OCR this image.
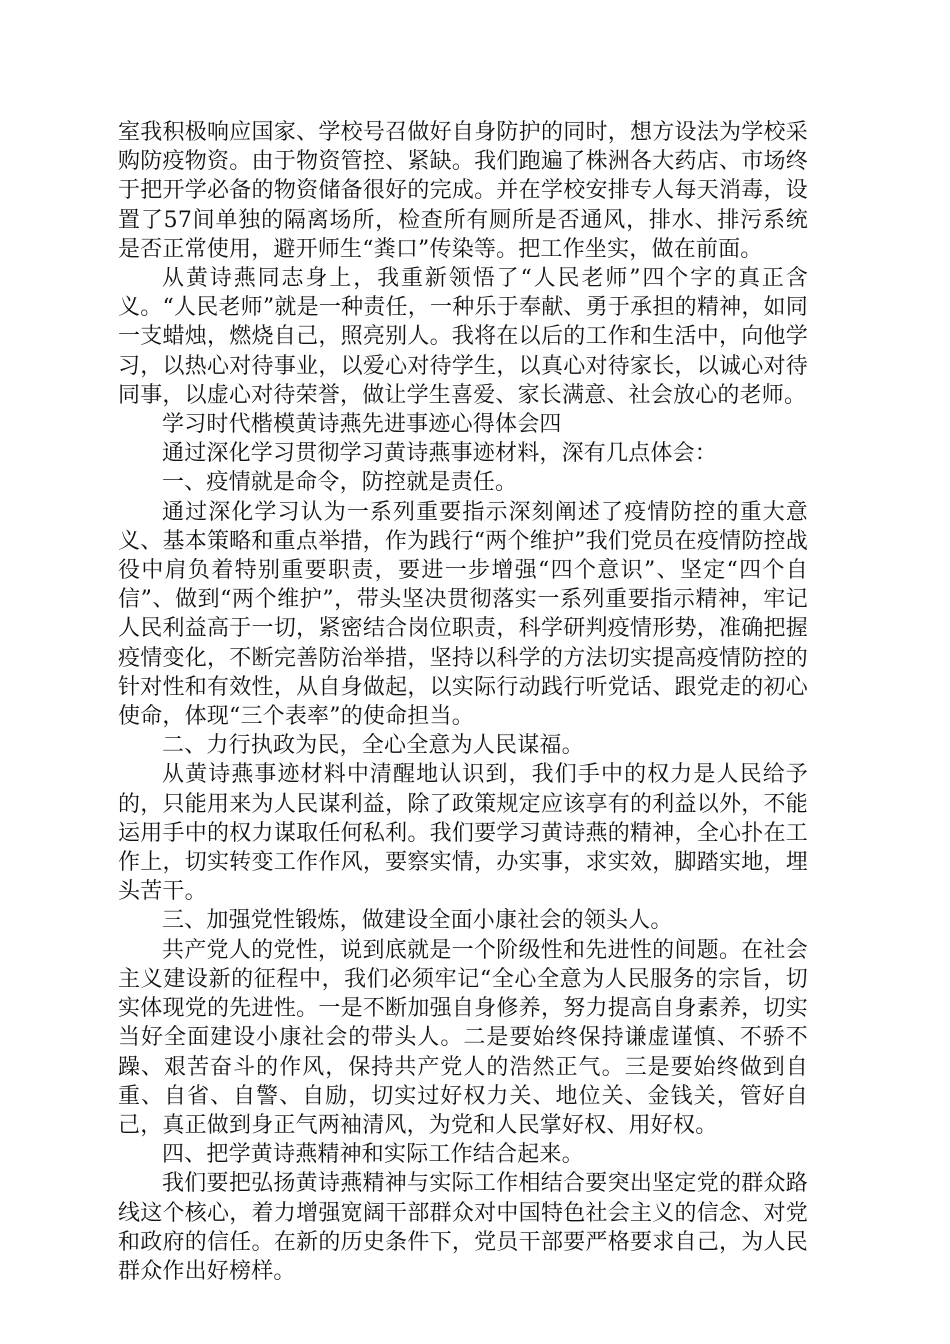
室我积极响应国家、学校号召做好自身防护的同时，想方设法为学校采购防疫物资。由于物资管控、紧缺。我们跑遍了株洲各大药店、市场终于把开学必备的物资储备很好的完成。并在学校安排专人每天消毒，设置了57间单独的隔离场所，检查所有厕所是否通风，排水、排污系统是否正常使用，避开师生“粪口”传染等。把工作坐实，做在前面。

从黄诗燕同志身上，我重新领悟了“人民老师”四个字的真正含义。“人民老师”就是一种责任，一种乐于奉献、勇于承担的精神，如同一支蜡烛，燃烧自己，照亮别人。我将在以后的工作和生活中，向他学习，以热心对待事业，以爱心对待学生，以真心对待家长，以诚心对待同事，以虚心对待荣誉，做让学生喜爱、家长满意、社会放心的老师。

学习时代楷模黄诗燕先进事迹心得体会四

通过深化学习贯彻学习黄诗燕事迹材料，深有几点体会：

一、疫情就是命令，防控就是责任。

通过深化学习认为一系列重要指示深刻阐述了疫情防控的重大意义、基本策略和重点举措，作为践行“两个维护”我们党员在疫情防控战役中肩负着特别重要职责，要进一步增强“四个意识”、坚定“四个自信”、做到“两个维护”，带头坚决贯彻落实一系列重要指示精神，牢记人民利益高于一切，紧密结合岗位职责，科学研判疫情形势，准确把握疫情变化，不断完善防治举措，坚持以科学的方法切实提高疫情防控的针对性和有效性，从自身做起，以实际行动践行听党话、跟党走的初心使命，体现“三个表率”的使命担当。

二、力行执政为民，全心全意为人民谋福。

从黄诗燕事迹材料中清醒地认识到，我们手中的权力是人民给予的，只能用来为人民谋利益，除了政策规定应该享有的利益以外，不能运用手中的权力谋取任何私利。我们要学习黄诗燕的精神，全心扑在工作上，切实转变工作作风，要察实情，办实事，求实效，脚踏实地，埋头苦干。

三、加强党性锻炼，做建设全面小康社会的领头人。

共产党人的党性，说到底就是一个阶级性和先进性的间题。在社会主义建设新的征程中，我们必须牢记“全心全意为人民服务的宗旨，切实体现党的先进性。一是不断加强自身修养，努力提高自身素养，切实当好全面建设小康社会的带头人。二是要始终保持谦虚谨慎、不骄不躁、艰苦奋斗的作风，保持共产党人的浩然正气。三是要始终做到自重、自省、自警、自励，切实过好权力关、地位关、金钱关，管好自己，真正做到身正气两袖清风，为党和人民掌好权、用好权。

四、把学黄诗燕精神和实际工作结合起来。

我们要把弘扬黄诗燕精神与实际工作相结合要突出坚定党的群众路线这个核心，着力增强宽阔干部群众对中国特色社会主义的信念、对党和政府的信任。在新的历史条件下，党员干部要严格要求自己，为人民群众作出好榜样。
